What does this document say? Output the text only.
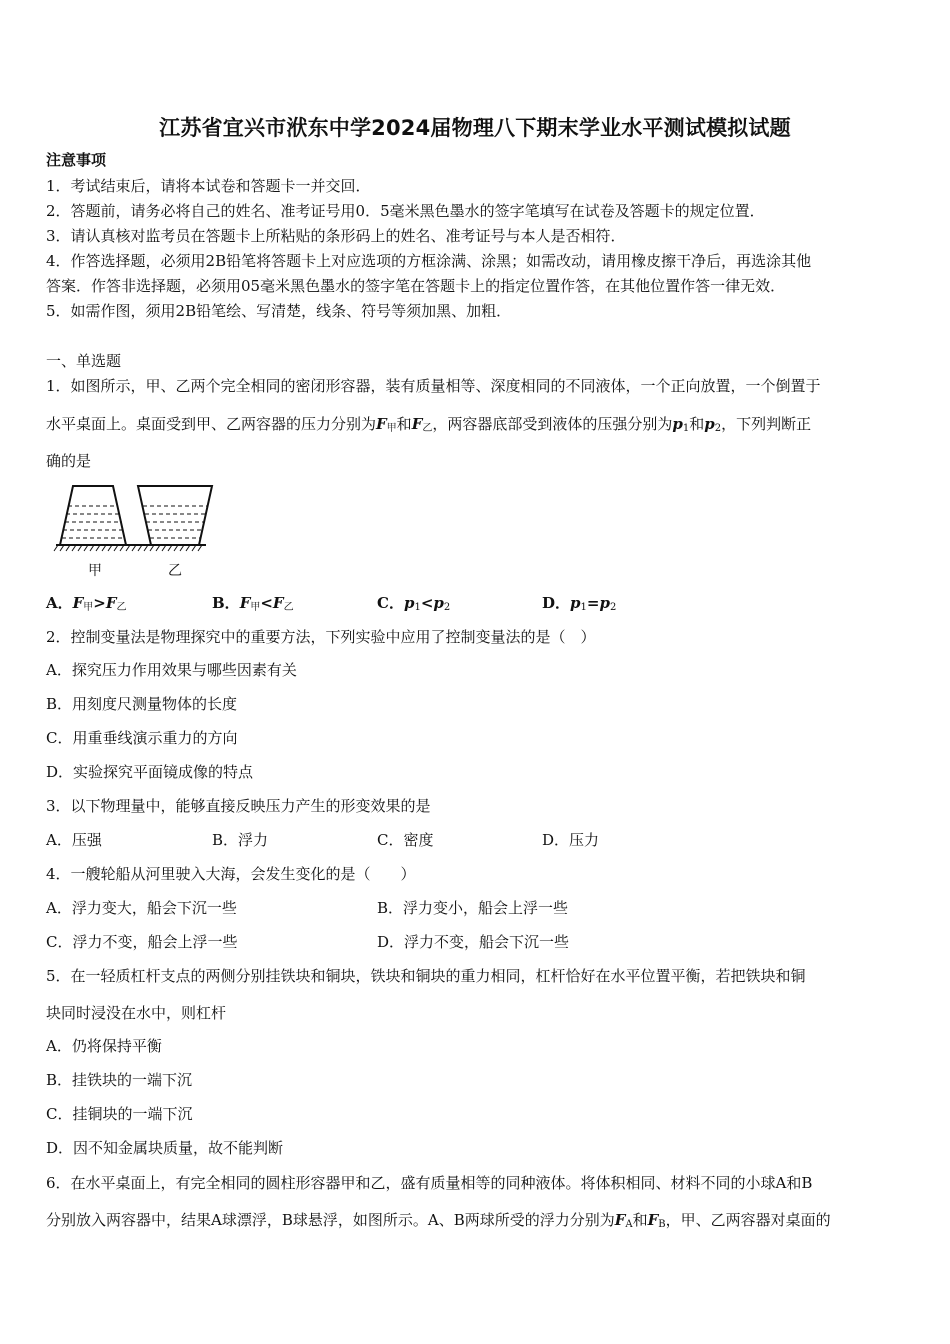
江苏省宜兴市洑东中学2024届物理八下期末学业水平测试模拟试题
注意事项
1．考试结束后，请将本试卷和答题卡一并交回．
2．答题前，请务必将自己的姓名、准考证号用0．5毫米黑色墨水的签字笔填写在试卷及答题卡的规定位置．
3．请认真核对监考员在答题卡上所粘贴的条形码上的姓名、准考证号与本人是否相符．
4．作答选择题，必须用2B铅笔将答题卡上对应选项的方框涂满、涂黑；如需改动，请用橡皮擦干净后，再选涂其他
答案．作答非选择题，必须用05毫米黑色墨水的签字笔在答题卡上的指定位置作答，在其他位置作答一律无效．
5．如需作图，须用2B铅笔绘、写清楚，线条、符号等须加黑、加粗．
一、单选题
1．如图所示，甲、乙两个完全相同的密闭形容器，装有质量相等、深度相同的不同液体，一个正向放置，一个倒置于
水平桌面上。桌面受到甲、乙两容器的压力分别为$F_甲$和$F_乙$，两容器底部受到液体的压强分别为$p_1$和$p_2$，下列判断正
确的是
甲	乙
A．$F_甲>F_乙$	B．$F_甲<F_乙$	C．$p_1<p_2$	D．$p_1=p_2$
2．控制变量法是物理探究中的重要方法，下列实验中应用了控制变量法的是（　）
A．探究压力作用效果与哪些因素有关
B．用刻度尺测量物体的长度
C．用重垂线演示重力的方向
D．实验探究平面镜成像的特点
3．以下物理量中，能够直接反映压力产生的形变效果的是
A．压强	B．浮力	C．密度	D．压力
4．一艘轮船从河里驶入大海，会发生变化的是（　　）
A．浮力变大，船会下沉一些	B．浮力变小，船会上浮一些
C．浮力不变，船会上浮一些	D．浮力不变，船会下沉一些
5．在一轻质杠杆支点的两侧分别挂铁块和铜块，铁块和铜块的重力相同，杠杆恰好在水平位置平衡，若把铁块和铜
块同时浸没在水中，则杠杆
A．仍将保持平衡
B．挂铁块的一端下沉
C．挂铜块的一端下沉
D．因不知金属块质量，故不能判断
6．在水平桌面上，有完全相同的圆柱形容器甲和乙，盛有质量相等的同种液体。将体积相同、材料不同的小球A和B
分别放入两容器中，结果A球漂浮，B球悬浮，如图所示。A、B两球所受的浮力分别为$F_A$和$F_B$，甲、乙两容器对桌面的
